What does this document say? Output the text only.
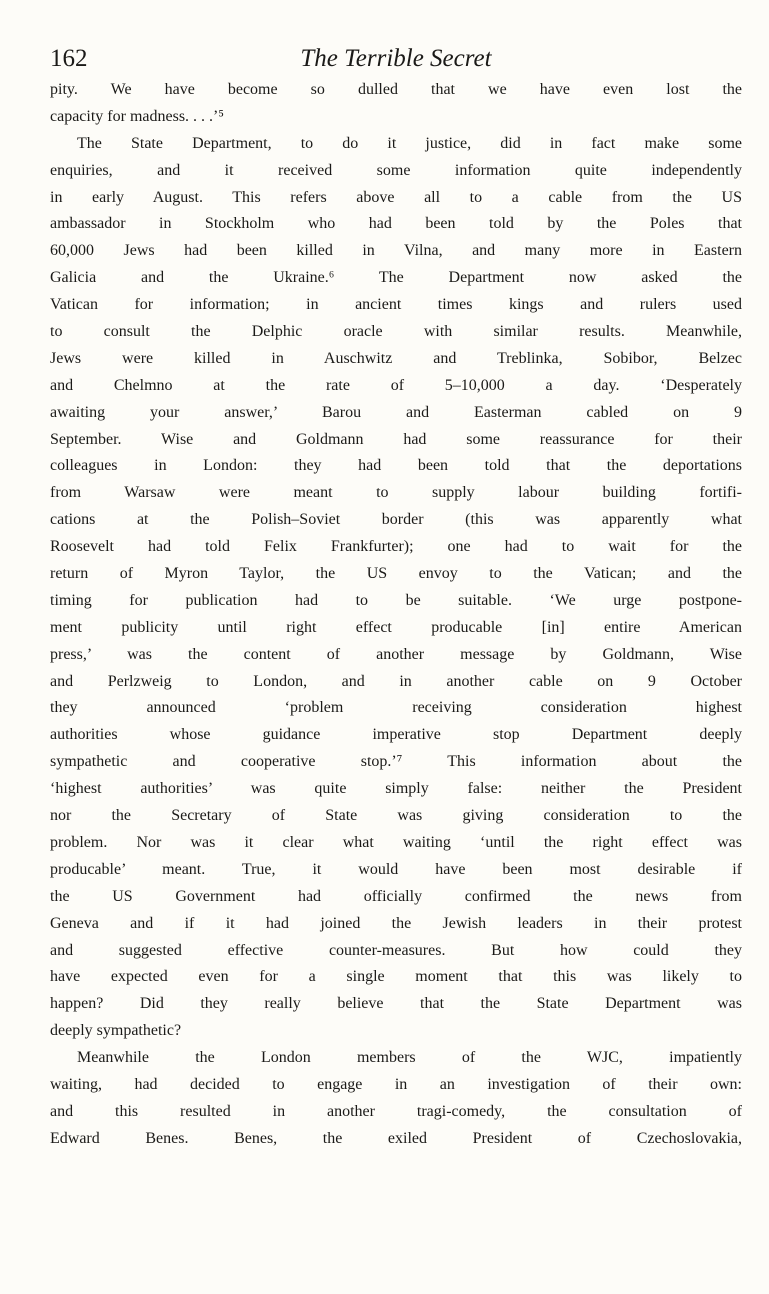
162	The Terrible Secret
pity. We have become so dulled that we have even lost the
capacity for madness. . . .’⁵
The State Department, to do it justice, did in fact make some
enquiries, and it received some information quite independently
in early August. This refers above all to a cable from the US
ambassador in Stockholm who had been told by the Poles that
60,000 Jews had been killed in Vilna, and many more in Eastern
Galicia and the Ukraine.⁶ The Department now asked the
Vatican for information; in ancient times kings and rulers used
to consult the Delphic oracle with similar results. Meanwhile,
Jews were killed in Auschwitz and Treblinka, Sobibor, Belzec
and Chelmno at the rate of 5–10,000 a day. ‘Desperately
awaiting your answer,’ Barou and Easterman cabled on 9
September. Wise and Goldmann had some reassurance for their
colleagues in London: they had been told that the deportations
from Warsaw were meant to supply labour building fortifi-
cations at the Polish–Soviet border (this was apparently what
Roosevelt had told Felix Frankfurter); one had to wait for the
return of Myron Taylor, the US envoy to the Vatican; and the
timing for publication had to be suitable. ‘We urge postpone-
ment publicity until right effect producable [in] entire American
press,’ was the content of another message by Goldmann, Wise
and Perlzweig to London, and in another cable on 9 October
they announced ‘problem receiving consideration highest
authorities whose guidance imperative stop Department deeply
sympathetic and cooperative stop.’⁷ This information about the
‘highest authorities’ was quite simply false: neither the President
nor the Secretary of State was giving consideration to the
problem. Nor was it clear what waiting ‘until the right effect was
producable’ meant. True, it would have been most desirable if
the US Government had officially confirmed the news from
Geneva and if it had joined the Jewish leaders in their protest
and suggested effective counter-measures. But how could they
have expected even for a single moment that this was likely to
happen? Did they really believe that the State Department was
deeply sympathetic?
Meanwhile the London members of the WJC, impatiently
waiting, had decided to engage in an investigation of their own:
and this resulted in another tragi-comedy, the consultation of
Edward Benes. Benes, the exiled President of Czechoslovakia,
